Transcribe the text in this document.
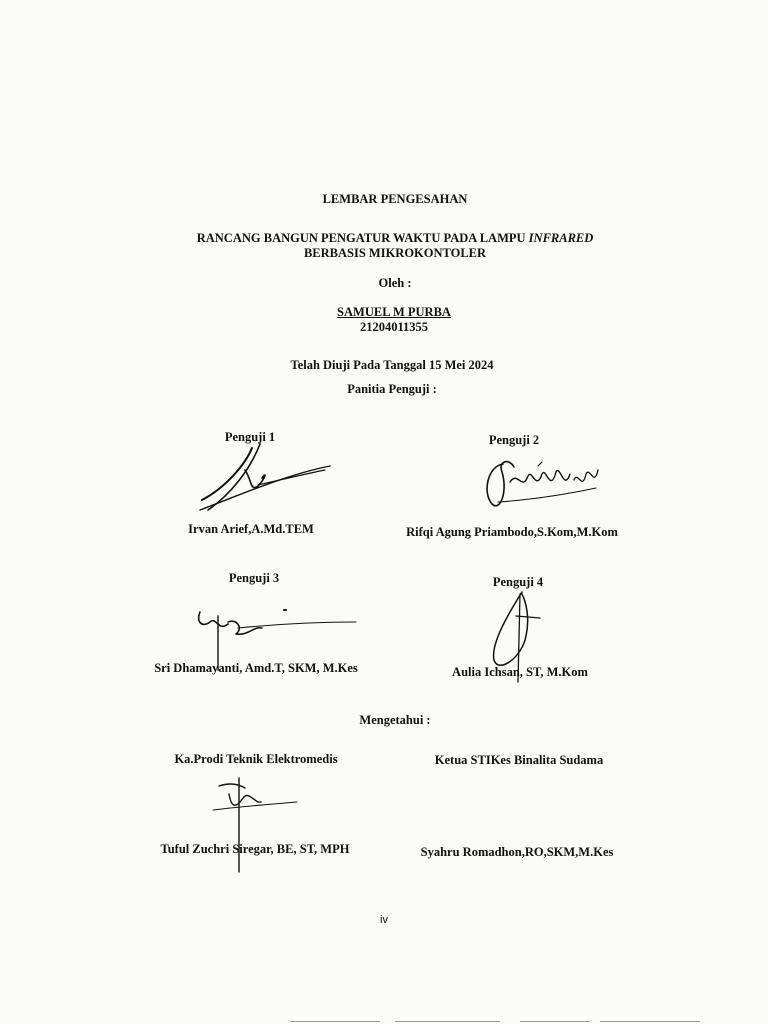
LEMBAR PENGESAHAN
RANCANG BANGUN PENGATUR WAKTU PADA LAMPU INFRARED
BERBASIS MIKROKONTOLER
Oleh :
SAMUEL M PURBA
21204011355
Telah Diuji Pada Tanggal 15 Mei 2024
Panitia Penguji :
Penguji 1
Irvan Arief,A.Md.TEM
Penguji 2
Rifqi Agung Priambodo,S.Kom,M.Kom
Penguji 3
Sri Dhamayanti, Amd.T, SKM, M.Kes
Penguji 4
Aulia Ichsan, ST, M.Kom
Mengetahui :
Ka.Prodi Teknik Elektromedis	Ketua STIKes Binalita Sudama
Tuful Zuchri Siregar, BE, ST, MPH	Syahru Romadhon,RO,SKM,M.Kes
iv
